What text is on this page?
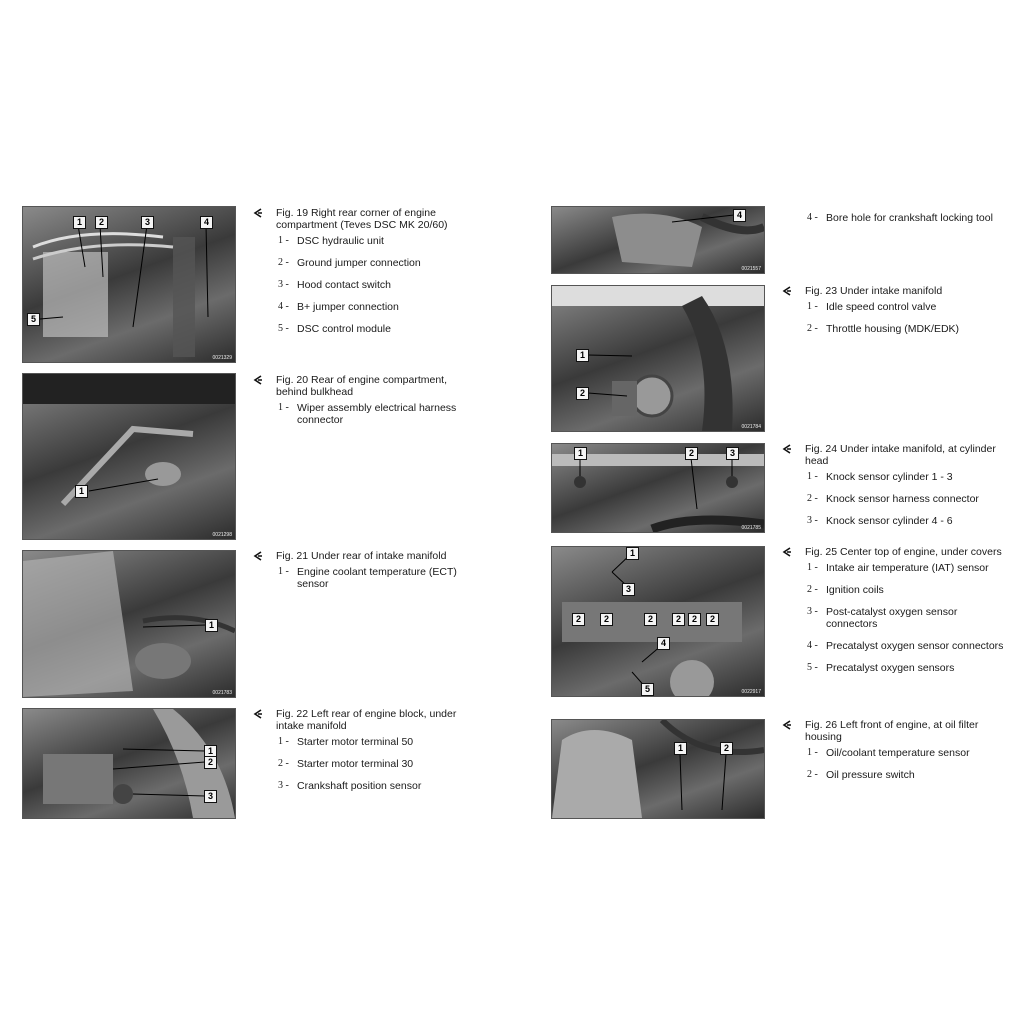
1	2	3	4
5
0021329
Fig. 19 Right rear corner of engine compartment (Teves DSC MK 20/60)
1 - DSC hydraulic unit
2 - Ground jumper connection
3 - Hood contact switch
4 - B+ jumper connection
5 - DSC control module
1
0021298
Fig. 20 Rear of engine compartment, behind bulkhead
1 - Wiper assembly electrical harness connector
1
0021783
Fig. 21 Under rear of intake manifold
1 - Engine coolant temperature (ECT) sensor
1
2
3
Fig. 22 Left rear of engine block, under intake manifold
1 - Starter motor terminal 50
2 - Starter motor terminal 30
3 - Crankshaft position sensor
4
0021557
4 - Bore hole for crankshaft locking tool
1
2
0021784
Fig. 23 Under intake manifold
1 - Idle speed control valve
2 - Throttle housing (MDK/EDK)
1	2	3
0021785
Fig. 24 Under intake manifold, at cylinder head
1 - Knock sensor cylinder 1 - 3
2 - Knock sensor harness connector
3 - Knock sensor cylinder 4 - 6
1
2	2	2	2	2	2
3
4
5	0022917
Fig. 25 Center top of engine, under covers
1 - Intake air temperature (IAT) sensor
2 - Ignition coils
3 - Post-catalyst oxygen sensor connectors
4 - Precatalyst oxygen sensor connectors
5 - Precatalyst oxygen sensors
1	2
Fig. 26 Left front of engine, at oil filter housing
1 - Oil/coolant temperature sensor
2 - Oil pressure switch
